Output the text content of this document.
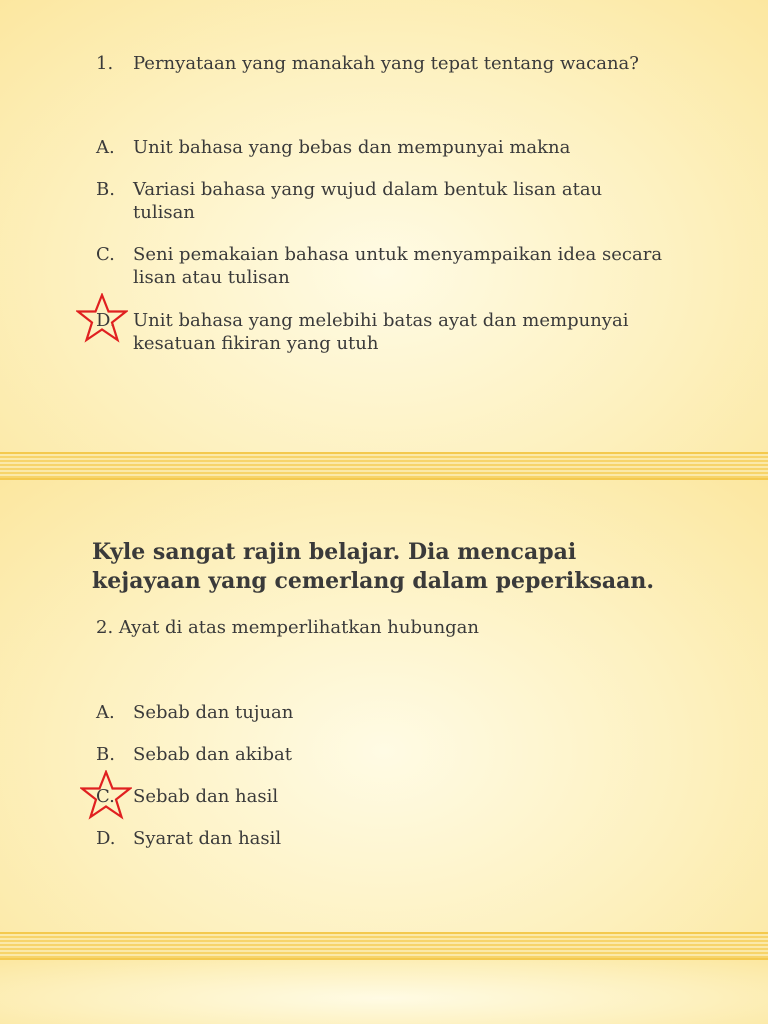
1.	Pernyataan yang manakah yang tepat tentang wacana?
A.	Unit bahasa yang bebas dan mempunyai makna
B.	Variasi bahasa yang wujud dalam bentuk lisan atau tulisan
C.	Seni pemakaian bahasa untuk menyampaikan idea secara lisan atau tulisan
D. Unit bahasa yang melebihi batas ayat dan mempunyai kesatuan fikiran yang utuh
Kyle sangat rajin belajar. Dia mencapai kejayaan yang cemerlang dalam peperiksaan.
2. Ayat di atas memperlihatkan hubungan
A.	Sebab dan tujuan
B.	Sebab dan akibat
C.	Sebab dan hasil
D. Syarat dan hasil
